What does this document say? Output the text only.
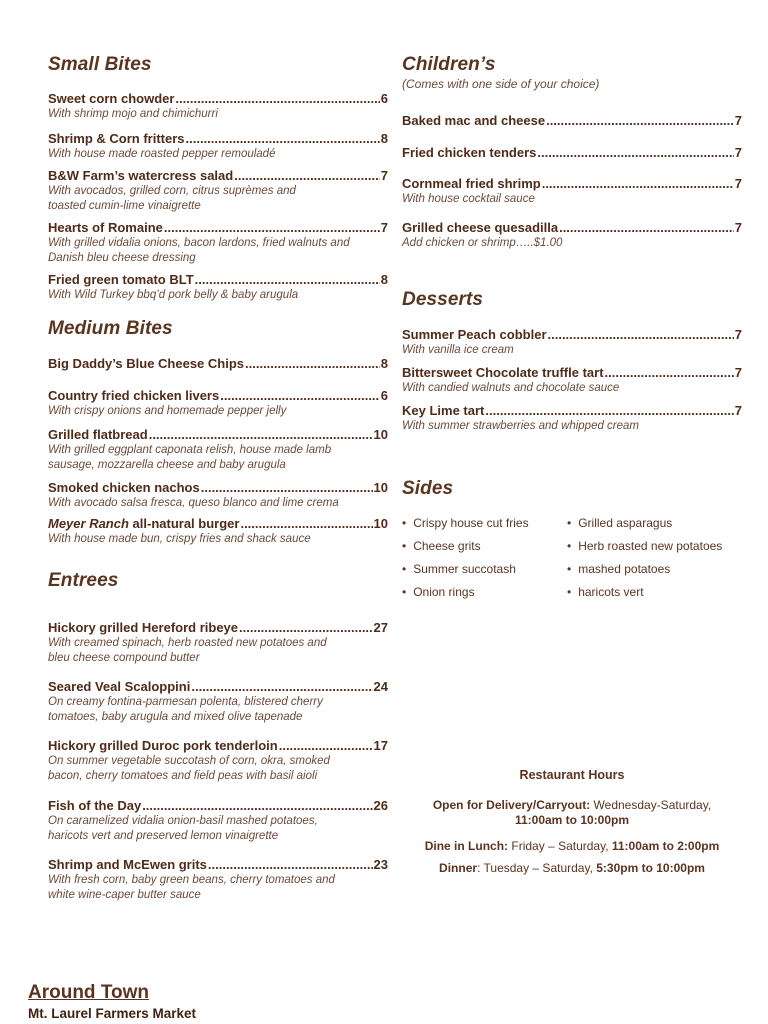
Small Bites
Medium Bites
Entrees
Sweet corn chowder .....	6
With shrimp mojo and chimichurri
Shrimp & Corn fritters .....	8
With house made roasted pepper remouladé
B&W Farm’s watercress salad .....	7
With avocados, grilled corn, citrus suprèmes and
toasted cumin-lime vinaigrette
Hearts of Romaine .....	7
With grilled vidalia onions, bacon lardons, fried walnuts and
Danish bleu cheese dressing
Fried green tomato BLT .....	8
With Wild Turkey bbq’d pork belly & baby arugula
Big Daddy’s Blue Cheese Chips .....	8
Country fried chicken livers .....	6
With crispy onions and homemade pepper jelly
Grilled flatbread .....	10
With grilled eggplant caponata relish, house made lamb
sausage, mozzarella cheese and baby arugula
Smoked chicken nachos .....	10
With avocado salsa fresca, queso blanco and lime crema
Meyer Ranch all-natural burger .....	10
With house made bun, crispy fries and shack sauce
Hickory grilled Hereford ribeye .....	27
With creamed spinach, herb roasted new potatoes and
bleu cheese compound butter
Seared Veal Scaloppini .....	24
On creamy fontina-parmesan polenta, blistered cherry
tomatoes, baby arugula and mixed olive tapenade
Hickory grilled Duroc pork tenderloin .....	17
On summer vegetable succotash of corn, okra, smoked
bacon, cherry tomatoes and field peas with basil aioli
Fish of the Day .....	26
On caramelized vidalia onion-basil mashed potatoes,
haricots vert and preserved lemon vinaigrette
Shrimp and McEwen grits .....	23
With fresh corn, baby green beans, cherry tomatoes and
white wine-caper butter sauce
Children’s
(Comes with one side of your choice)
Desserts
Sides
Baked mac and cheese .....	7
Fried chicken tenders .....	7
Cornmeal fried shrimp .....	7
With house cocktail sauce
Grilled cheese quesadilla .....	7
Add chicken or shrimp…..$1.00
Summer Peach cobbler .....	7
With vanilla ice cream
Bittersweet Chocolate truffle tart .....	7
With candied walnuts and chocolate sauce
Key Lime tart .....	7
With summer strawberries and whipped cream
• Crispy house cut fries
• Cheese grits
• Summer succotash
• Onion rings
• Grilled asparagus
• Herb roasted new potatoes
• mashed potatoes
• haricots vert
Restaurant Hours
Open for Delivery/Carryout: Wednesday-Saturday,
11:00am to 10:00pm
Dine in Lunch: Friday – Saturday, 11:00am to 2:00pm
Dinner: Tuesday – Saturday, 5:30pm to 10:00pm
Around Town
Mt. Laurel Farmers Market
